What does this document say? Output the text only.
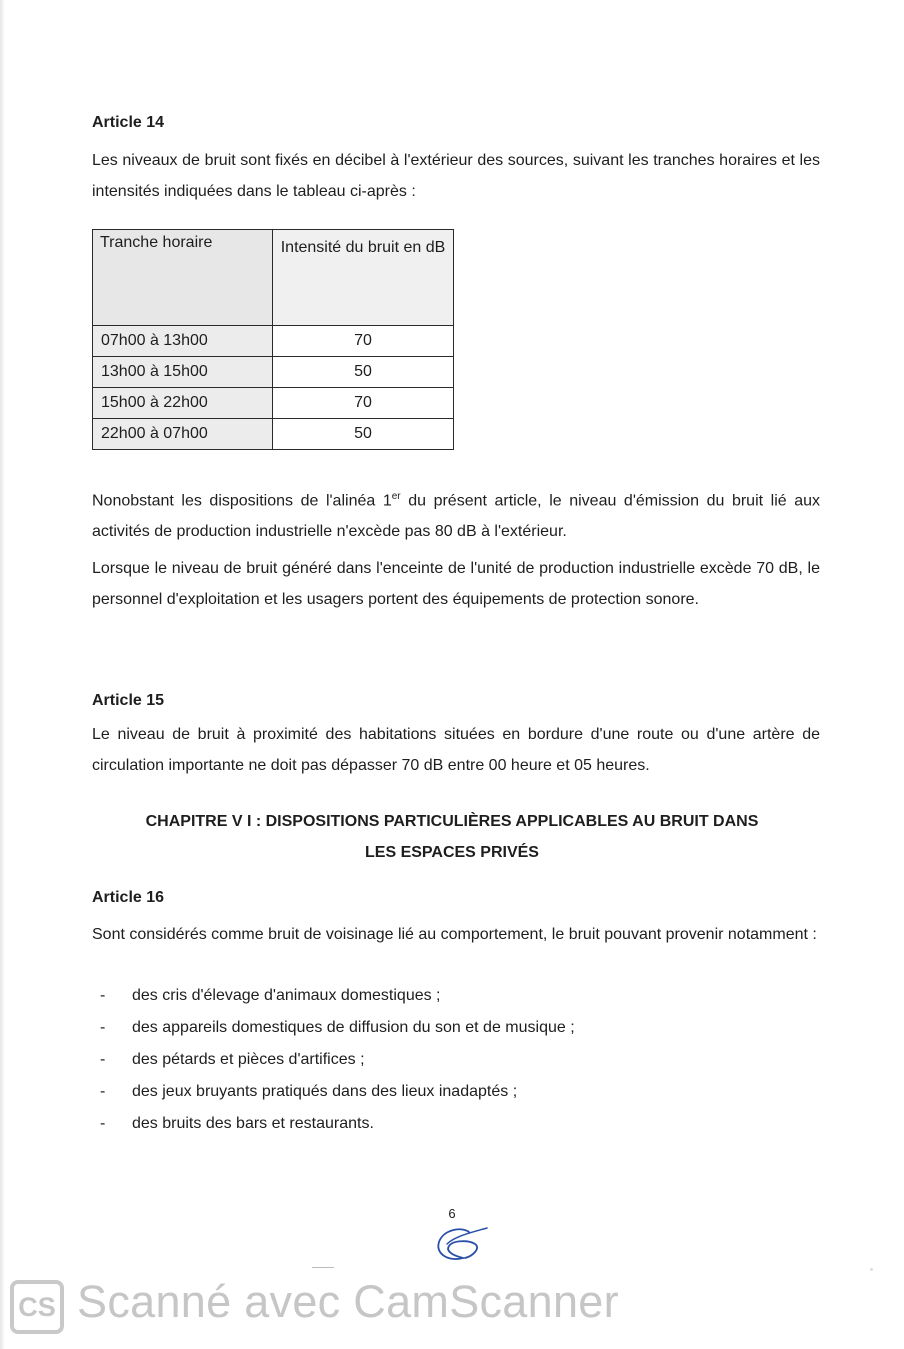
Article 14

Les niveaux de bruit sont fixés en décibel à l'extérieur des sources, suivant les tranches horaires et les intensités indiquées dans le tableau ci-après :

Tranche horaire	Intensité du bruit en dB
07h00 à 13h00	70
13h00 à 15h00	50
15h00 à 22h00	70
22h00 à 07h00	50

Nonobstant les dispositions de l'alinéa 1er du présent article, le niveau d'émission du bruit lié aux activités de production industrielle n'excède pas 80 dB à l'extérieur.

Lorsque le niveau de bruit généré dans l'enceinte de l'unité de production industrielle excède 70 dB, le personnel d'exploitation et les usagers portent des équipements de protection sonore.

Article 15

Le niveau de bruit à proximité des habitations situées en bordure d'une route ou d'une artère de circulation importante ne doit pas dépasser 70 dB entre 00 heure et 05 heures.

CHAPITRE V I : DISPOSITIONS PARTICULIÈRES APPLICABLES AU BRUIT DANS
LES ESPACES PRIVÉS

Article 16

Sont considérés comme bruit de voisinage lié au comportement, le bruit pouvant provenir notamment :

-	des cris d'élevage d'animaux domestiques ;
-	des appareils domestiques de diffusion du son et de musique ;
-	des pétards et pièces d'artifices ;
-	des jeux bruyants pratiqués dans des lieux inadaptés ;
-	des bruits des bars et restaurants.
6
CS Scanné avec CamScanner
